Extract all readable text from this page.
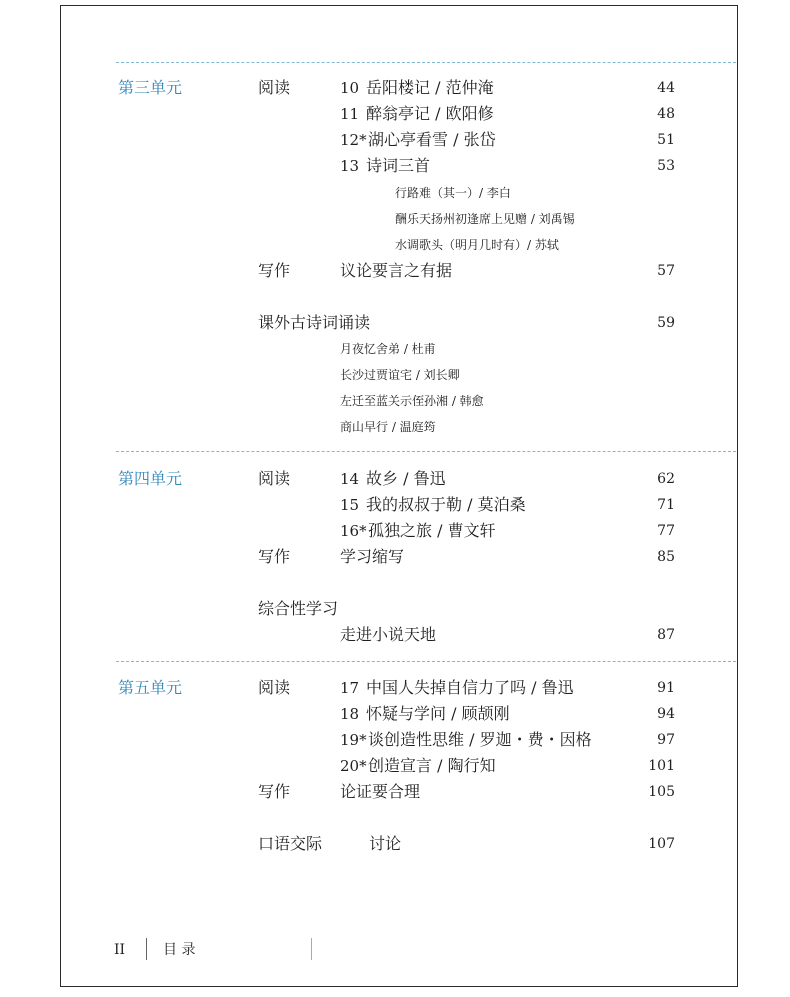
第三单元	阅读	10 岳阳楼记 / 范仲淹	44
11 醉翁亭记 / 欧阳修	48
12* 湖心亭看雪 / 张岱	51
13 诗词三首	53
行路难（其一）/ 李白
酬乐天扬州初逢席上见赠 / 刘禹锡
水调歌头（明月几时有）/ 苏轼
写作	议论要言之有据	57
课外古诗词诵读	59
月夜忆舍弟 / 杜甫
长沙过贾谊宅 / 刘长卿
左迁至蓝关示侄孙湘 / 韩愈
商山早行 / 温庭筠
第四单元	阅读	14 故乡 / 鲁迅	62
15 我的叔叔于勒 / 莫泊桑	71
16* 孤独之旅 / 曹文轩	77
写作	学习缩写	85
综合性学习
走进小说天地	87
第五单元	阅读	17 中国人失掉自信力了吗 / 鲁迅	91
18 怀疑与学问 / 顾颉刚	94
19* 谈创造性思维 / 罗迦・费・因格	97
20* 创造宣言 / 陶行知	101
写作	论证要合理	105
口语交际	讨论	107
II	目 录
